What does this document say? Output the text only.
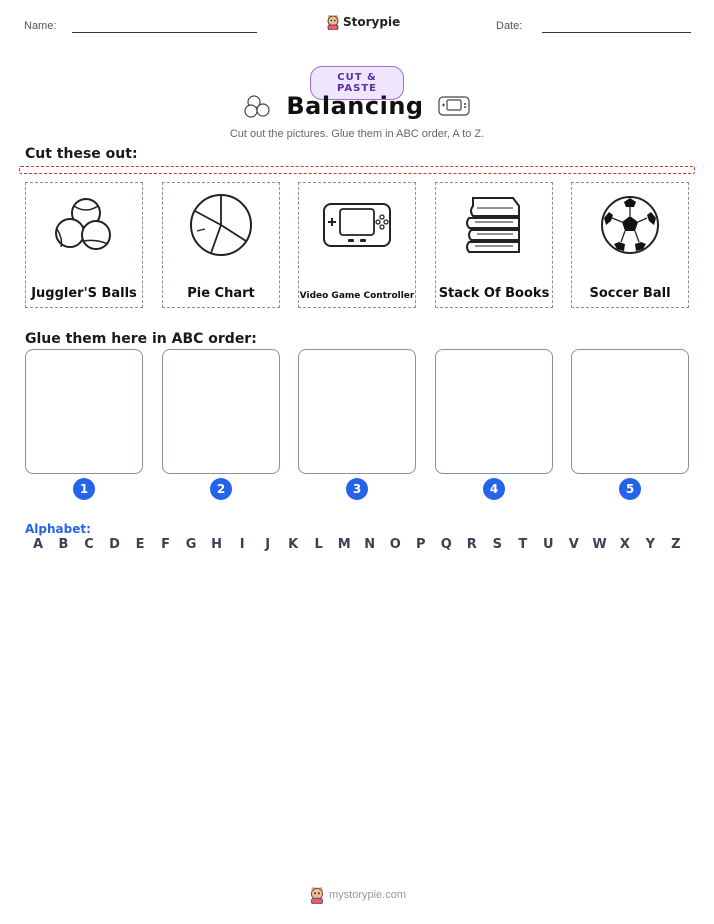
Name:	Storypie	Date:
CUT & PASTE
Balancing
Cut out the pictures. Glue them in ABC order, A to Z.
Cut these out:
Juggler'S Balls	Pie Chart	Video Game Controller Stack Of Books	Soccer Ball
Glue them here in ABC order:
1	2	3	4	5
Alphabet:
A B C D E F G H	I	J	K L M N O P Q R S T U V W X Y Z
mystorypie.com
